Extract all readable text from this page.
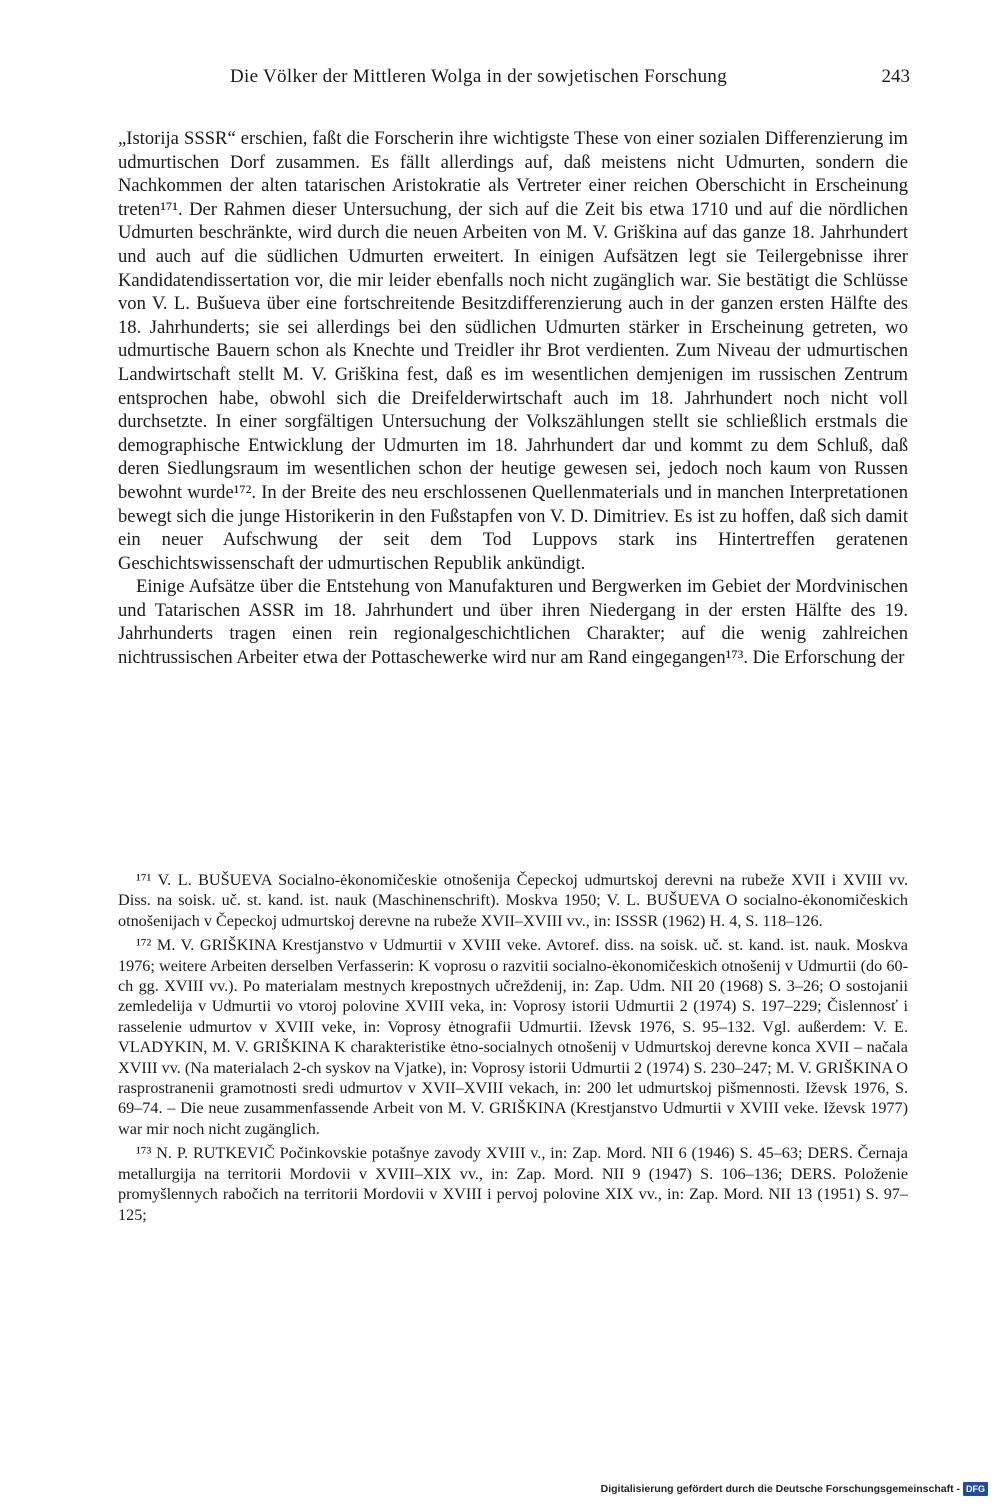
Die Völker der Mittleren Wolga in der sowjetischen Forschung	243

„Istorija SSSR“ erschien, faßt die Forscherin ihre wichtigste These von einer sozialen Differenzierung im udmurtischen Dorf zusammen. Es fällt allerdings auf, daß meistens nicht Udmurten, sondern die Nachkommen der alten tatarischen Aristokratie als Vertreter einer reichen Oberschicht in Erscheinung treten¹⁷¹. Der Rahmen dieser Untersuchung, der sich auf die Zeit bis etwa 1710 und auf die nördlichen Udmurten beschränkte, wird durch die neuen Arbeiten von M. V. Griškina auf das ganze 18. Jahrhundert und auch auf die südlichen Udmurten erweitert. In einigen Aufsätzen legt sie Teilergebnisse ihrer Kandidatendissertation vor, die mir leider ebenfalls noch nicht zugänglich war. Sie bestätigt die Schlüsse von V. L. Bušueva über eine fortschreitende Besitzdifferenzierung auch in der ganzen ersten Hälfte des 18. Jahrhunderts; sie sei allerdings bei den südlichen Udmurten stärker in Erscheinung getreten, wo udmurtische Bauern schon als Knechte und Treidler ihr Brot verdienten. Zum Niveau der udmurtischen Landwirtschaft stellt M. V. Griškina fest, daß es im wesentlichen demjenigen im russischen Zentrum entsprochen habe, obwohl sich die Dreifelderwirtschaft auch im 18. Jahrhundert noch nicht voll durchsetzte. In einer sorgfältigen Untersuchung der Volkszählungen stellt sie schließlich erstmals die demographische Entwicklung der Udmurten im 18. Jahrhundert dar und kommt zu dem Schluß, daß deren Siedlungsraum im wesentlichen schon der heutige gewesen sei, jedoch noch kaum von Russen bewohnt wurde¹⁷². In der Breite des neu erschlossenen Quellenmaterials und in manchen Interpretationen bewegt sich die junge Historikerin in den Fußstapfen von V. D. Dimitriev. Es ist zu hoffen, daß sich damit ein neuer Aufschwung der seit dem Tod Luppovs stark ins Hintertreffen geratenen Geschichtswissenschaft der udmurtischen Republik ankündigt.

Einige Aufsätze über die Entstehung von Manufakturen und Bergwerken im Gebiet der Mordvinischen und Tatarischen ASSR im 18. Jahrhundert und über ihren Niedergang in der ersten Hälfte des 19. Jahrhunderts tragen einen rein regionalgeschichtlichen Charakter; auf die wenig zahlreichen nichtrussischen Arbeiter etwa der Pottaschewerke wird nur am Rand eingegangen¹⁷³. Die Erforschung der

¹⁷¹ V. L. BUŠUEVA Socialno-ėkonomičeskie otnošenija Čepeckoj udmurtskoj derevni na rubeže XVII i XVIII vv. Diss. na soisk. uč. st. kand. ist. nauk (Maschinenschrift). Moskva 1950; V. L. BUŠUEVA O socialno-ėkonomičeskich otnošenijach v Čepeckoj udmurtskoj derevne na rubeže XVII–XVIII vv., in: ISSSR (1962) H. 4, S. 118–126.

¹⁷² M. V. GRIŠKINA Krestjanstvo v Udmurtii v XVIII veke. Avtoref. diss. na soisk. uč. st. kand. ist. nauk. Moskva 1976; weitere Arbeiten derselben Verfasserin: K voprosu o razvitii socialno-ėkonomičeskich otnošenij v Udmurtii (do 60-ch gg. XVIII vv.). Po materialam mestnych krepostnych učreždenij, in: Zap. Udm. NII 20 (1968) S. 3–26; O sostojanii zemledelija v Udmurtii vo vtoroj polovine XVIII veka, in: Voprosy istorii Udmurtii 2 (1974) S. 197–229; Čislennosť i rasselenie udmurtov v XVIII veke, in: Voprosy ėtnografii Udmurtii. Iževsk 1976, S. 95–132. Vgl. außerdem: V. E. VLADYKIN, M. V. GRIŠKINA K charakteristike ėtno-socialnych otnošenij v Udmurtskoj derevne konca XVII – načala XVIII vv. (Na materialach 2-ch syskov na Vjatke), in: Voprosy istorii Udmurtii 2 (1974) S. 230–247; M. V. GRIŠKINA O rasprostranenii gramotnosti sredi udmurtov v XVII–XVIII vekach, in: 200 let udmurtskoj pišmennosti. Iževsk 1976, S. 69–74. – Die neue zusammenfassende Arbeit von M. V. GRIŠKINA (Krestjanstvo Udmurtii v XVIII veke. Iževsk 1977) war mir noch nicht zugänglich.

¹⁷³ N. P. RUTKEVIČ Počinkovskie potašnye zavody XVIII v., in: Zap. Mord. NII 6 (1946) S. 45–63; DERS. Černaja metallurgija na territorii Mordovii v XVIII–XIX vv., in: Zap. Mord. NII 9 (1947) S. 106–136; DERS. Položenie promyšlennych rabočich na territorii Mordovii v XVIII i pervoj polovine XIX vv., in: Zap. Mord. NII 13 (1951) S. 97–125;

Digitalisierung gefördert durch die Deutsche Forschungsgemeinschaft - DFG
